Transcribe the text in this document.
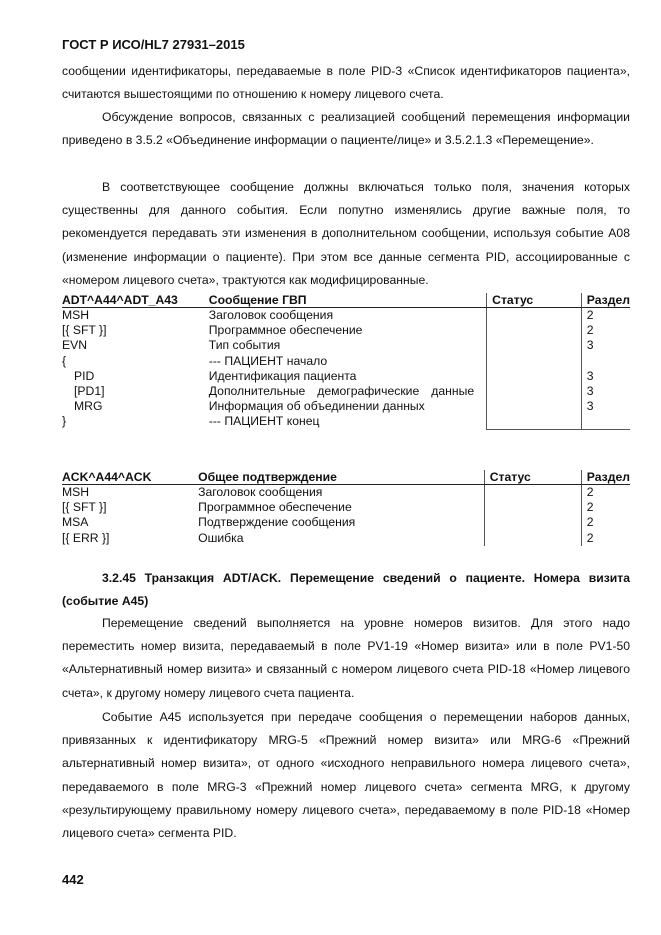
ГОСТ Р ИСО/HL7 27931–2015

сообщении идентификаторы, передаваемые в поле PID-3 «Список идентификаторов пациента», считаются вышестоящими по отношению к номеру лицевого счета.

Обсуждение вопросов, связанных с реализацией сообщений перемещения информации приведено в 3.5.2 «Объединение информации о пациенте/лице» и 3.5.2.1.3 «Перемещение».

В соответствующее сообщение должны включаться только поля, значения которых существенны для данного события. Если попутно изменялись другие важные поля, то рекомендуется передавать эти изменения в дополнительном сообщении, используя событие A08 (изменение информации о пациенте). При этом все данные сегмента PID, ассоциированные с «номером лицевого счета», трактуются как модифицированные.

ADT^A44^ADT_A43	Сообщение ГВП	Статус	Раздел
MSH	Заголовок сообщения		2
[{ SFT }]	Программное обеспечение		2
EVN	Тип события		3
{	--- ПАЦИЕНТ начало		
PID	Идентификация пациента		3
[PD1]	Дополнительные демографические данные		3
MRG	Информация об объединении данных		3
}	--- ПАЦИЕНТ конец		
ACK^A44^ACK	Общее подтверждение	Статус	Раздел
MSH	Заголовок сообщения		2
[{ SFT }]	Программное обеспечение		2
MSA	Подтверждение сообщения		2
[{ ERR }]	Ошибка		2

3.2.45 Транзакция ADT/ACK. Перемещение сведений о пациенте. Номера визита (событие A45)

Перемещение сведений выполняется на уровне номеров визитов. Для этого надо переместить номер визита, передаваемый в поле PV1-19 «Номер визита» или в поле PV1-50 «Альтернативный номер визита» и связанный с номером лицевого счета PID-18 «Номер лицевого счета», к другому номеру лицевого счета пациента.

Событие A45 используется при передаче сообщения о перемещении наборов данных, привязанных к идентификатору MRG-5 «Прежний номер визита» или MRG-6 «Прежний альтернативный номер визита», от одного «исходного неправильного номера лицевого счета», передаваемого в поле MRG-3 «Прежний номер лицевого счета» сегмента MRG, к другому «результирующему правильному номеру лицевого счета», передаваемому в поле PID-18 «Номер лицевого счета» сегмента PID.

442
